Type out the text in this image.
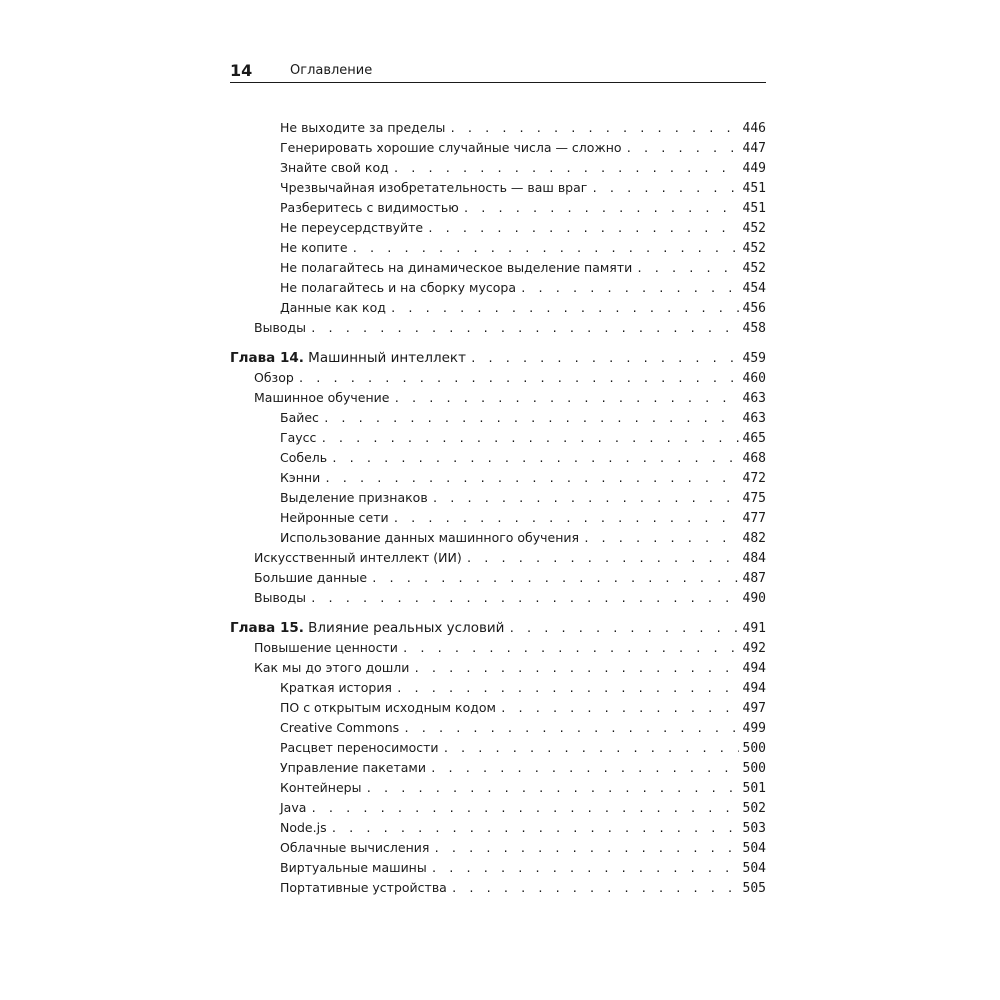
14	Оглавление
Не выходите за пределы . . .	446
Генерировать хорошие случайные числа — сложно . . .	447
Знайте свой код . . .	449
Чрезвычайная изобретательность — ваш враг . . .	451
Разберитесь с видимостью . . .	451
Не переусердствуйте . . .	452
Не копите . . .	452
Не полагайтесь на динамическое выделение памяти . . .	452
Не полагайтесь и на сборку мусора . . .	454
Данные как код . . .	456
Выводы . . .	458
Глава 14. Машинный интеллект . . .	459
Обзор . . .	460
Машинное обучение . . .	463
Байес . . .	463
Гаусс . . .	465
Собель . . .	468
Кэнни . . .	472
Выделение признаков . . .	475
Нейронные сети . . .	477
Использование данных машинного обучения . . .	482
Искусственный интеллект (ИИ) . . .	484
Большие данные . . .	487
Выводы . . .	490
Глава 15. Влияние реальных условий . . .	491
Повышение ценности . . .	492
Как мы до этого дошли . . .	494
Краткая история . . .	494
ПО с открытым исходным кодом . . .	497
Creative Commons . . .	499
Расцвет переносимости . . .	500
Управление пакетами . . .	500
Контейнеры . . .	501
Java . . .	502
Node.js . . .	503
Облачные вычисления . . .	504
Виртуальные машины . . .	504
Портативные устройства . . .	505
